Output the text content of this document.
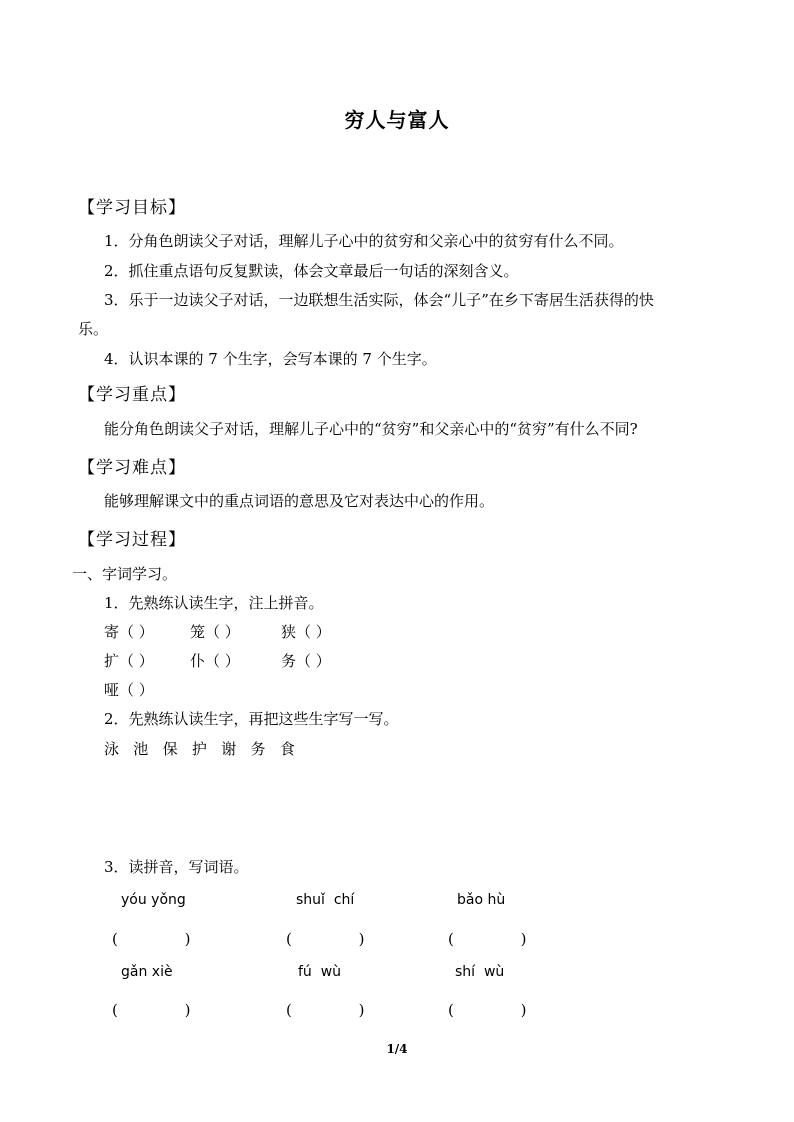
穷人与富人
【学习目标】
1．分角色朗读父子对话，理解儿子心中的贫穷和父亲心中的贫穷有什么不同。
2．抓住重点语句反复默读，体会文章最后一句话的深刻含义。
3．乐于一边读父子对话，一边联想生活实际，体会“儿子”在乡下寄居生活获得的快
乐。
4．认识本课的 7 个生字，会写本课的 7 个生字。
【学习重点】
能分角色朗读父子对话，理解儿子心中的“贫穷”和父亲心中的“贫穷”有什么不同?
【学习难点】
能够理解课文中的重点词语的意思及它对表达中心的作用。
【学习过程】
一、字词学习。
1．先熟练认读生字，注上拼音。
寄（ ） 笼（ ）	狭（ ）
扩（ ） 仆（ ）	务（ ）
哑（ ）
2．先熟练认读生字，再把这些生字写一写。
泳   池   保   护   谢   务   食
3．读拼音，写词语。
yóu yǒng	shuǐ  chí	bǎo hù
(              )	(              )	(              )
gǎn xiè	fú  wù	shí  wù
(              )	(              )	(              )
1/4
